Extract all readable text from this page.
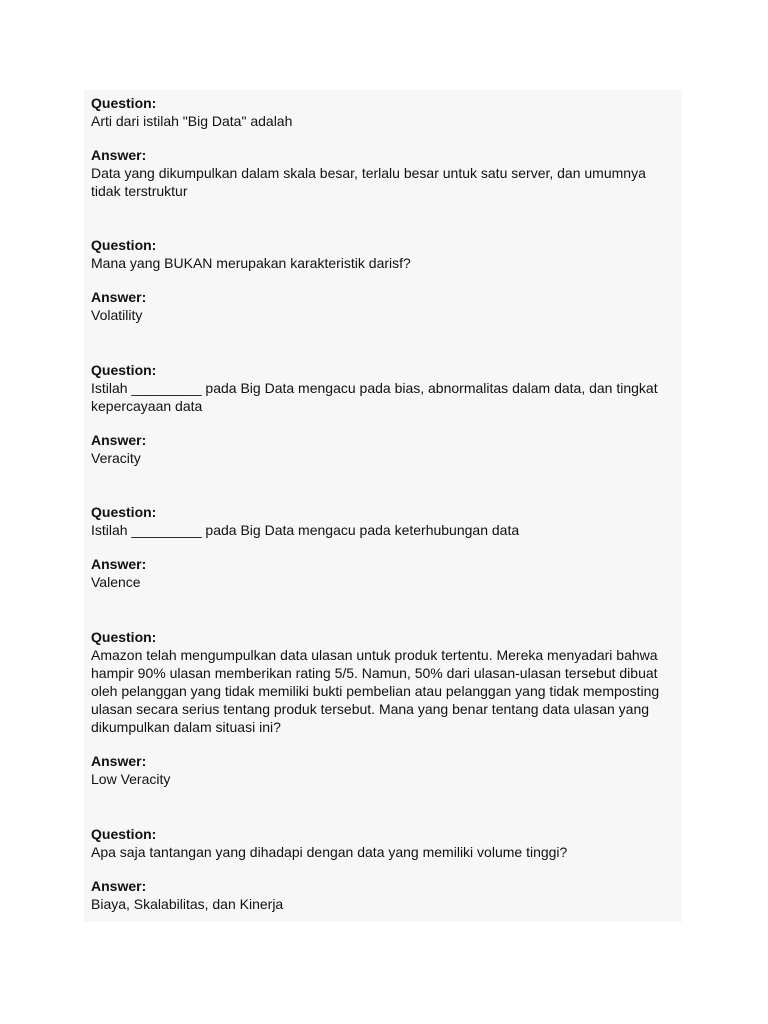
Question:

Arti dari istilah "Big Data" adalah

Answer:

Data yang dikumpulkan dalam skala besar, terlalu besar untuk satu server, dan umumnya tidak terstruktur

Question:

Mana yang BUKAN merupakan karakteristik darisf?

Answer:

Volatility

Question:

Istilah _________ pada Big Data mengacu pada bias, abnormalitas dalam data, dan tingkat kepercayaan data

Answer:

Veracity

Question:

Istilah _________ pada Big Data mengacu pada keterhubungan data

Answer:

Valence

Question:

Amazon telah mengumpulkan data ulasan untuk produk tertentu. Mereka menyadari bahwa hampir 90% ulasan memberikan rating 5/5. Namun, 50% dari ulasan-ulasan tersebut dibuat oleh pelanggan yang tidak memiliki bukti pembelian atau pelanggan yang tidak memposting ulasan secara serius tentang produk tersebut. Mana yang benar tentang data ulasan yang dikumpulkan dalam situasi ini?

Answer:

Low Veracity

Question:

Apa saja tantangan yang dihadapi dengan data yang memiliki volume tinggi?

Answer:

Biaya, Skalabilitas, dan Kinerja
